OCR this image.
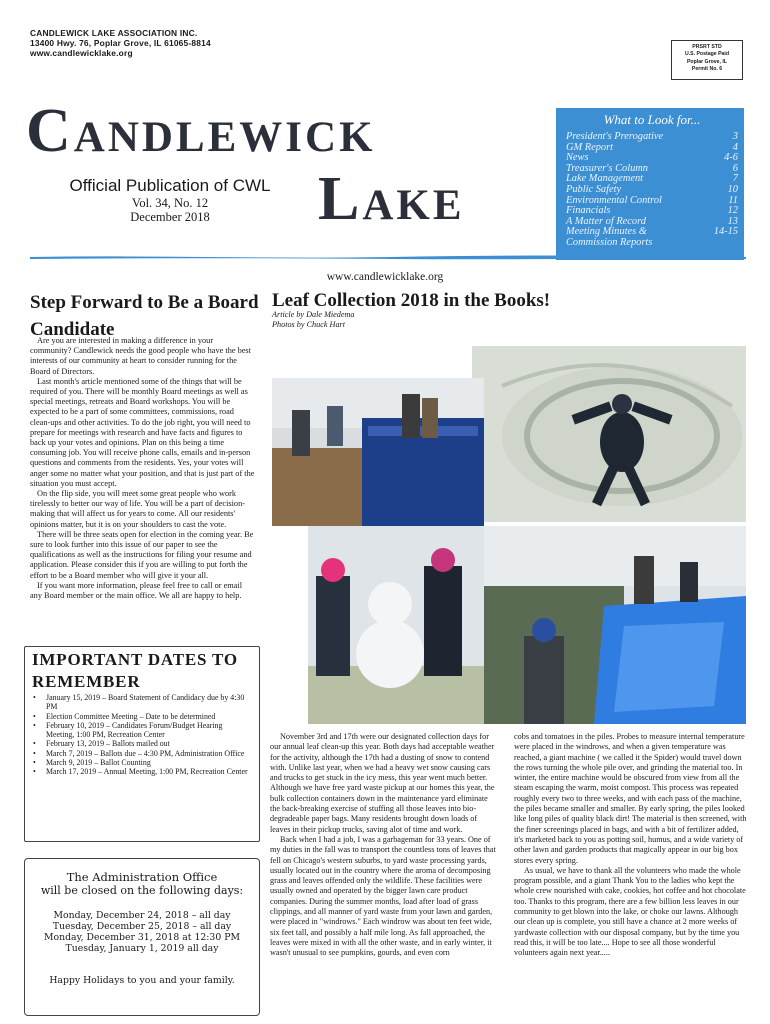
CANDLEWICK LAKE ASSOCIATION INC.
13400 Hwy. 76, Poplar Grove, IL 61065-8814
www.candlewicklake.org
PRSRT STD
U.S. Postage Paid
Poplar Grove, IL
Permit No. 6
Candlewick
Lake
Official Publication of CWL
Vol. 34, No. 12
December 2018
What to Look for...
President's Prerogative	3
GM Report	4
News	4-6
Treasurer's Column	6
Lake Management	7
Public Safety	10
Environmental Control	11
Financials	12
A Matter of Record	13
Meeting Minutes &	14-15
Commission Reports
www.candlewicklake.org
Step Forward to Be a Board Candidate

Are you are interested in making a difference in your community? Candlewick needs the good people who have the best interests of our community at heart to consider running for the Board of Directors.

Last month's article mentioned some of the things that will be required of you. There will be monthly Board meetings as well as special meetings, retreats and Board workshops. You will be expected to be a part of some committees, commissions, road clean-ups and other activities. To do the job right, you will need to prepare for meetings with research and have facts and figures to back up your votes and opinions. Plan on this being a time consuming job. You will receive phone calls, emails and in-person questions and comments from the residents. Yes, your votes will anger some no matter what your position, and that is just part of the situation you must accept.

On the flip side, you will meet some great people who work tirelessly to better our way of life. You will be a part of decision-making that will affect us for years to come. All our residents' opinions matter, but it is on your shoulders to cast the vote.

There will be three seats open for election in the coming year. Be sure to look further into this issue of our paper to see the qualifications as well as the instructions for filing your resume and application. Please consider this if you are willing to put forth the effort to be a Board member who will give it your all.

If you want more information, please feel free to call or email any Board member or the main office. We all are happy to help.

IMPORTANT DATES TO REMEMBER
• January 15, 2019 – Board Statement of Candidacy due by 4:30 PM
• Election Committee Meeting – Date to be determined
• February 10, 2019 – Candidates Forum/Budget Hearing Meeting, 1:00 PM, Recreation Center
• February 13, 2019 – Ballots mailed out
• March 7, 2019 – Ballots due – 4:30 PM, Administration Office
• March 9, 2019 – Ballot Counting
• March 17, 2019 – Annual Meeting, 1:00 PM, Recreation Center
The Administration Office
will be closed on the following days:
Monday, December 24, 2018 – all day
Tuesday, December 25, 2018 – all day
Monday, December 31, 2018 at 12:30 PM
Tuesday, January 1, 2019 all day
Happy Holidays to you and your family.
Leaf Collection 2018 in the Books!
Article by Dale Miedema
Photos by Chuck Hart

November 3rd and 17th were our designated collection days for our annual leaf clean-up this year. Both days had acceptable weather for the activity, although the 17th had a dusting of snow to contend with. Unlike last year, when we had a heavy wet snow causing cars and trucks to get stuck in the icy mess, this year went much better. Although we have free yard waste pickup at our homes this year, the bulk collection containers down in the maintenance yard eliminate the back-breaking exercise of stuffing all those leaves into bio-degradeable paper bags. Many residents brought down loads of leaves in their pickup trucks, saving alot of time and work.

Back when I had a job, I was a garbageman for 33 years. One of my duties in the fall was to transport the countless tons of leaves that fell on Chicago's western suburbs, to yard waste processing yards, usually located out in the country where the aroma of decomposing grass and leaves offended only the wildlife. These facilities were usually owned and operated by the bigger lawn care product companies. During the summer months, load after load of grass clippings, and all manner of yard waste from your lawn and garden, were placed in "windrows." Each windrow was about ten feet wide, six feet tall, and possibly a half mile long. As fall approached, the leaves were mixed in with all the other waste, and in early winter, it wasn't unusual to see pumpkins, gourds, and even corn

cobs and tomatoes in the piles. Probes to measure internal temperature were placed in the windrows, and when a given temperature was reached, a giant machine ( we called it the Spider) would travel down the rows turning the whole pile over, and grinding the material too. In winter, the entire machine would be obscured from view from all the steam escaping the warm, moist compost. This process was repeated roughly every two to three weeks, and with each pass of the machine, the piles became smaller and smaller. By early spring, the piles looked like long piles of quality black dirt! The material is then screened, with the finer screenings placed in bags, and with a bit of fertilizer added, it's marketed back to you as potting soil, humus, and a wide variety of other lawn and garden products that magically appear in our big box stores every spring.

As usual, we have to thank all the volunteers who made the whole program possible, and a giant Thank You to the ladies who kept the whole crew nourished with cake, cookies, hot coffee and hot chocolate too. Thanks to this program, there are a few billion less leaves in our community to get blown into the lake, or choke our lawns. Although our clean up is complete, you still have a chance at 2 more weeks of yardwaste collection with our disposal company, but by the time you read this, it will be too late.... Hope to see all those wonderful volunteers again next year.....
